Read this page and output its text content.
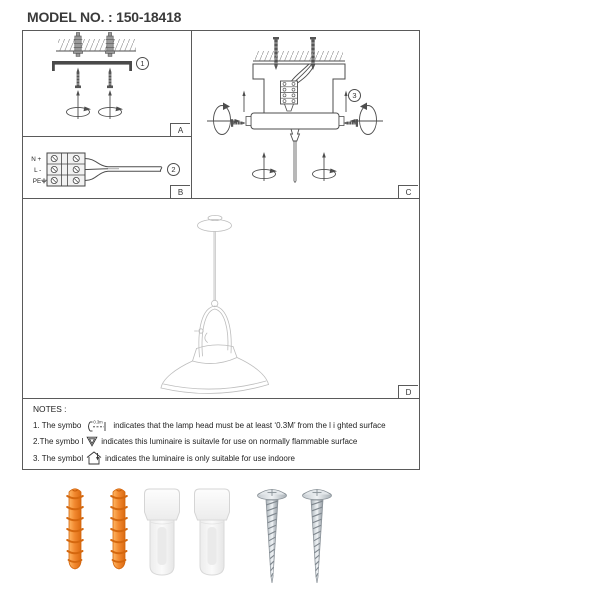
MODEL NO. : 150-18418
1
A
N +
L -
PE
2
B
3
C
D
NOTES :
1. The symbo	0.3m indicates that the lamp head must be at least ‘0.3M’ from the l i ghted surface
2.The symbo l indicates this luminaire is suitavle for use on normally flammable surface
3. The symbol	indicates the luminaire is only suitable for use indoore
